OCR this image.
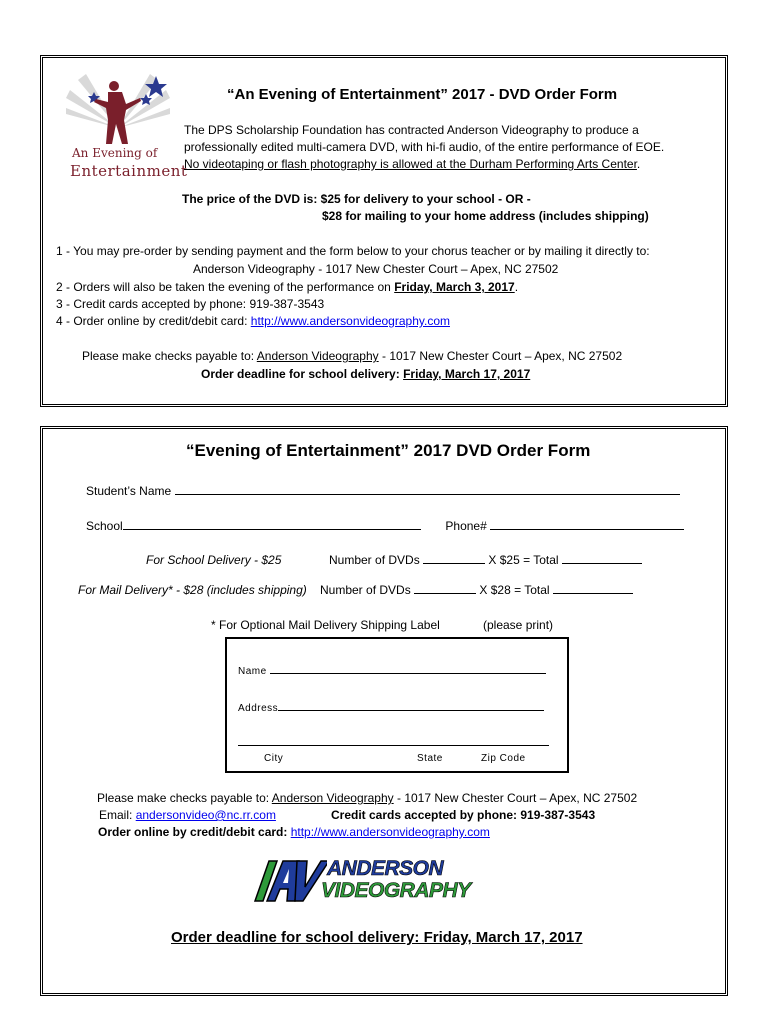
An Evening of
Entertainment
“An Evening of Entertainment” 2017 - DVD Order Form
The DPS Scholarship Foundation has contracted Anderson Videography to produce a
professionally edited multi-camera DVD, with hi-fi audio, of the entire performance of EOE.
No videotaping or flash photography is allowed at the Durham Performing Arts Center.
The price of the DVD is: $25 for delivery to your school - OR -
$28 for mailing to your home address (includes shipping)
1 - You may pre-order by sending payment and the form below to your chorus teacher or by mailing it directly to:
Anderson Videography - 1017 New Chester Court – Apex, NC 27502
2 - Orders will also be taken the evening of the performance on Friday, March 3, 2017.
3 - Credit cards accepted by phone: 919-387-3543
4 - Order online by credit/debit card: http://www.andersonvideography.com
Please make checks payable to: Anderson Videography - 1017 New Chester Court – Apex, NC 27502
Order deadline for school delivery: Friday, March 17, 2017
“Evening of Entertainment” 2017 DVD Order Form
Student’s Name
School	Phone#
For School Delivery - $25	Number of DVDs	X $25 = Total
For Mail Delivery* - $28 (includes shipping) Number of DVDs	X $28 = Total
* For Optional Mail Delivery Shipping Label	(please print)
Name
Address
City	State	Zip Code
Please make checks payable to: Anderson Videography - 1017 New Chester Court – Apex, NC 27502
Email: andersonvideo@nc.rr.com	Credit cards accepted by phone: 919-387-3543
Order online by credit/debit card: http://www.andersonvideography.com
ANDERSON
VIDEOGRAPHY
Order deadline for school delivery: Friday, March 17, 2017
